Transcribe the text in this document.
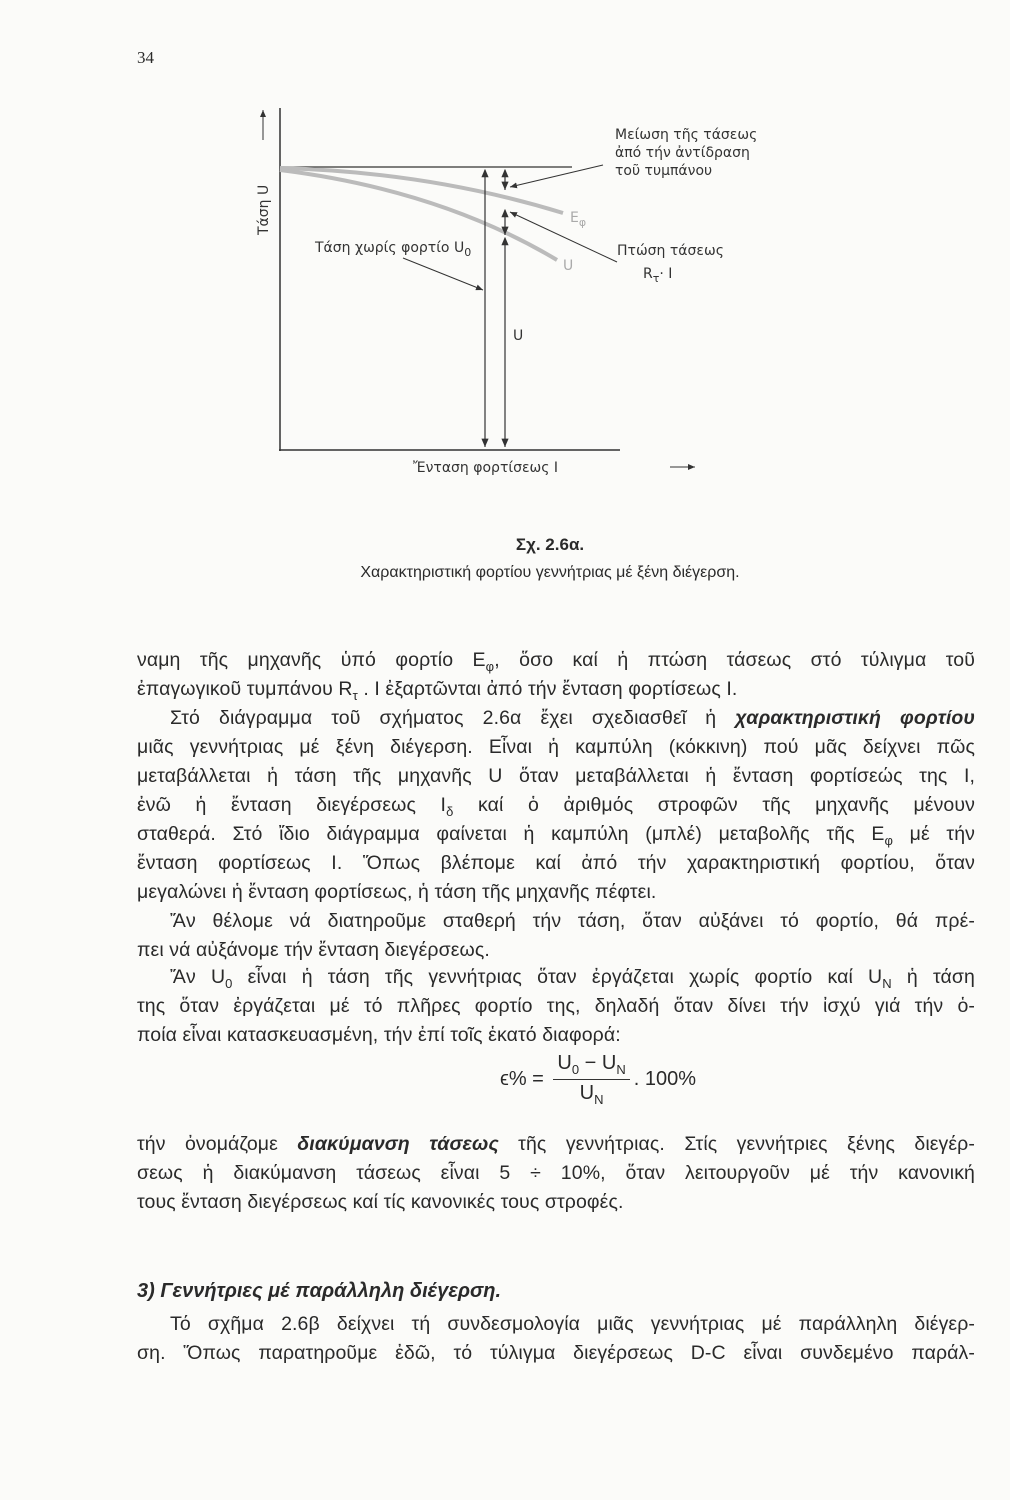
34
Τάση U
Ἔνταση φορτίσεως I
Μείωση τῆς τάσεως
ἀπό τήν ἀντίδραση
τοῦ τυμπάνου
Τάση χωρίς φορτίο $U_0$	Πτώση τάσεως
$R_\tau\cdot I$
$E_\varphi$
U
U
Σχ. 2.6α.
Χαρακτηριστική φορτίου γεννήτριας μέ ξένη διέγερση.
ναμη τῆς μηχανῆς ὑπό φορτίο $E_\varphi$, ὅσο καί ἡ πτώση τάσεως στό τύλιγμα τοῦ
ἐπαγωγικοῦ τυμπάνου $R_\tau$ . I ἐξαρτῶνται ἀπό τήν ἔνταση φορτίσεως I.
Στό διάγραμμα τοῦ σχήματος 2.6α ἔχει σχεδιασθεῖ ἡ χαρακτηριστική φορτίου
μιᾶς γεννήτριας μέ ξένη διέγερση. Εἶναι ἡ καμπύλη (κόκκινη) πού μᾶς δείχνει πῶς
μεταβάλλεται ἡ τάση τῆς μηχανῆς U ὅταν μεταβάλλεται ἡ ἔνταση φορτίσεώς της I,
ἐνῶ ἡ ἔνταση διεγέρσεως $I_\delta$ καί ὁ ἀριθμός στροφῶν τῆς μηχανῆς μένουν
σταθερά. Στό ἴδιο διάγραμμα φαίνεται ἡ καμπύλη (μπλέ) μεταβολῆς τῆς $E_\varphi$ μέ τήν
ἔνταση φορτίσεως I. Ὅπως βλέπομε καί ἀπό τήν χαρακτηριστική φορτίου, ὅταν
μεγαλώνει ἡ ἔνταση φορτίσεως, ἡ τάση τῆς μηχανῆς πέφτει.
Ἄν θέλομε νά διατηροῦμε σταθερή τήν τάση, ὅταν αὐξάνει τό φορτίο, θά πρέ-
πει νά αὐξάνομε τήν ἔνταση διεγέρσεως.
Ἄν $U_0$ εἶναι ἡ τάση τῆς γεννήτριας ὅταν ἐργάζεται χωρίς φορτίο καί $U_N$ ἡ τάση
της ὅταν ἐργάζεται μέ τό πλῆρες φορτίο της, δηλαδή ὅταν δίνει τήν ἰσχύ γιά τήν ὁ-
ποία εἶναι κατασκευασμένη, τήν ἐπί τοῖς ἑκατό διαφορά:
$\epsilon\% = \frac{U_0 - U_N}{U_N}$ . 100%
τήν ὀνομάζομε διακύμανση τάσεως τῆς γεννήτριας. Στίς γεννήτριες ξένης διεγέρ-
σεως ἡ διακύμανση τάσεως εἶναι 5 ÷ 10%, ὅταν λειτουργοῦν μέ τήν κανονική
τους ἔνταση διεγέρσεως καί τίς κανονικές τους στροφές.
3) Γεννήτριες μέ παράλληλη διέγερση.
Τό σχῆμα 2.6β δείχνει τή συνδεσμολογία μιᾶς γεννήτριας μέ παράλληλη διέγερ-
ση. Ὅπως παρατηροῦμε ἐδῶ, τό τύλιγμα διεγέρσεως D-C εἶναι συνδεμένο παράλ-
